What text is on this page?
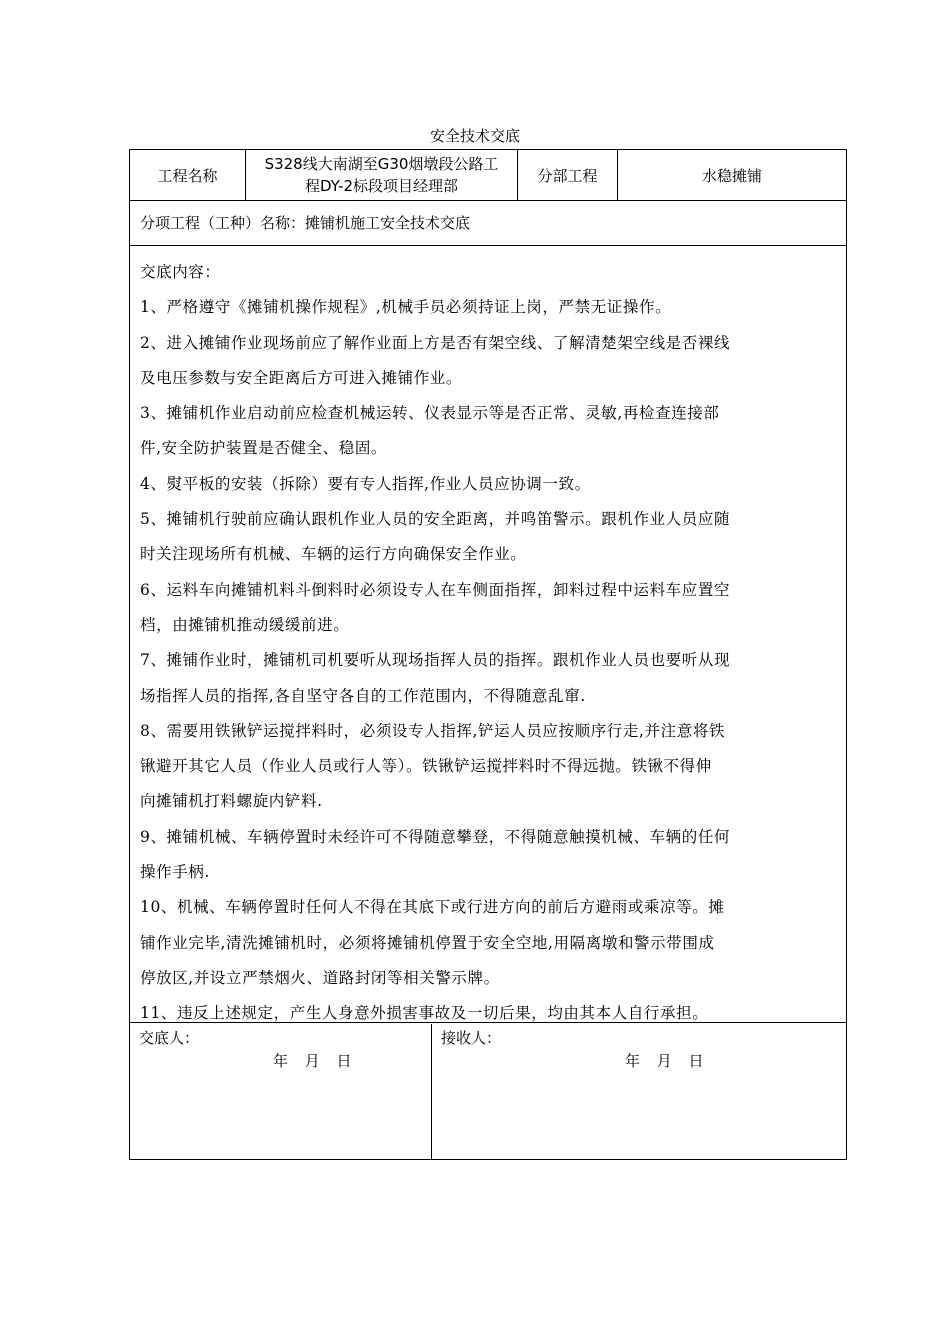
安全技术交底
工程名称
S328线大南湖至G30烟墩段公路工
程DY-2标段项目经理部
分部工程	水稳摊铺
分项工程（工种）名称：摊铺机施工安全技术交底

交底内容：

1、严格遵守《摊铺机操作规程》,机械手员必须持证上岗，严禁无证操作。

2、进入摊铺作业现场前应了解作业面上方是否有架空线、了解清楚架空线是否裸线

及电压参数与安全距离后方可进入摊铺作业。

3、摊铺机作业启动前应检查机械运转、仪表显示等是否正常、灵敏,再检查连接部

件,安全防护装置是否健全、稳固。

4、熨平板的安装（拆除）要有专人指挥,作业人员应协调一致。

5、摊铺机行驶前应确认跟机作业人员的安全距离，并鸣笛警示。跟机作业人员应随

时关注现场所有机械、车辆的运行方向确保安全作业。

6、运料车向摊铺机料斗倒料时必须设专人在车侧面指挥，卸料过程中运料车应置空

档，由摊铺机推动缓缓前进。

7、摊铺作业时，摊铺机司机要听从现场指挥人员的指挥。跟机作业人员也要听从现

场指挥人员的指挥,各自坚守各自的工作范围内，不得随意乱窜.

8、需要用铁锹铲运搅拌料时，必须设专人指挥,铲运人员应按顺序行走,并注意将铁

锹避开其它人员（作业人员或行人等）。铁锹铲运搅拌料时不得远抛。铁锹不得伸

向摊铺机打料螺旋内铲料.

9、摊铺机械、车辆停置时未经许可不得随意攀登，不得随意触摸机械、车辆的任何

操作手柄.

10、机械、车辆停置时任何人不得在其底下或行进方向的前后方避雨或乘凉等。摊

铺作业完毕,清洗摊铺机时，必须将摊铺机停置于安全空地,用隔离墩和警示带围成

停放区,并设立严禁烟火、道路封闭等相关警示牌。

11、违反上述规定，产生人身意外损害事故及一切后果，均由其本人自行承担。

交底人：
年 月 日
接收人：
年 月 日
